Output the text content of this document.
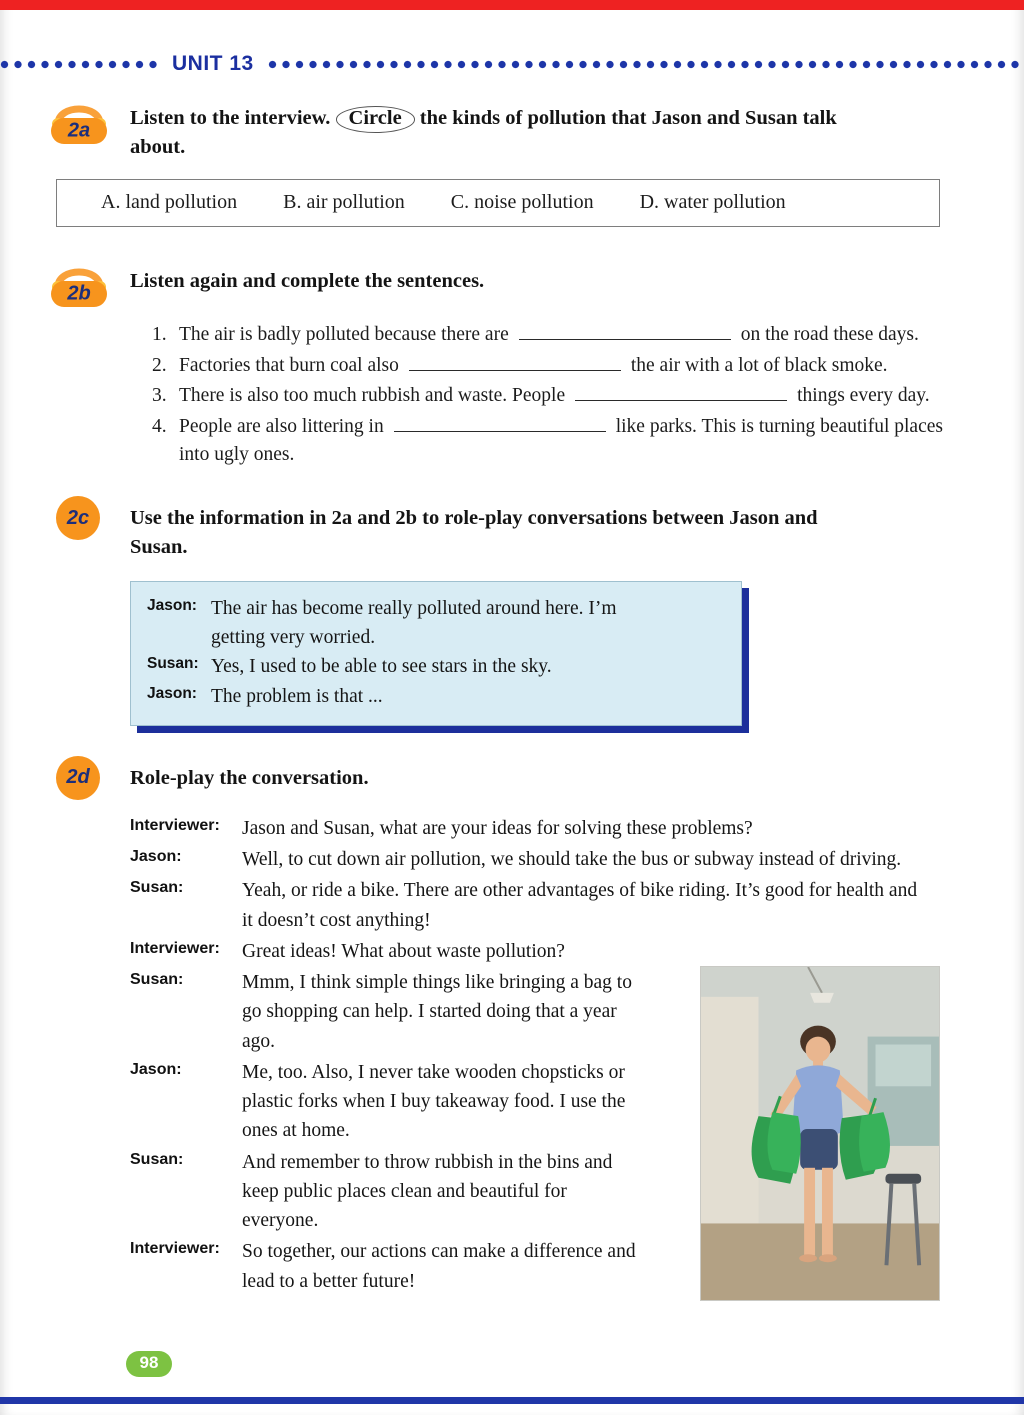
UNIT 13
2a
Listen to the interview. Circle the kinds of pollution that Jason and Susan talk about.
A. land pollution B. air pollution C. noise pollution D. water pollution
2b
Listen again and complete the sentences.
1. The air is badly polluted because there are	on the road these days.
2. Factories that burn coal also	the air with a lot of black smoke.
3. There is also too much rubbish and waste. People	things every day.
4. People are also littering in	like parks. This is turning beautiful places into ugly ones.
2c	Use the information in 2a and 2b to role-play conversations between Jason and Susan.
Jason: The air has become really polluted around here. I’m getting very worried.
Susan: Yes, I used to be able to see stars in the sky.
Jason: The problem is that ...
2d	Role-play the conversation.
Interviewer:	Jason and Susan, what are your ideas for solving these problems?
Jason:	Well, to cut down air pollution, we should take the bus or subway instead of driving.
Susan:	Yeah, or ride a bike. There are other advantages of bike riding. It’s good for health and it doesn’t cost anything!
Interviewer:	Great ideas! What about waste pollution?
Susan:	Mmm, I think simple things like bringing a bag to go shopping can help. I started doing that a year ago.
Jason:	Me, too. Also, I never take wooden chopsticks or plastic forks when I buy takeaway food. I use the ones at home.
Susan:	And remember to throw rubbish in the bins and keep public places clean and beautiful for everyone.
Interviewer:	So together, our actions can make a difference and lead to a better future!
98
